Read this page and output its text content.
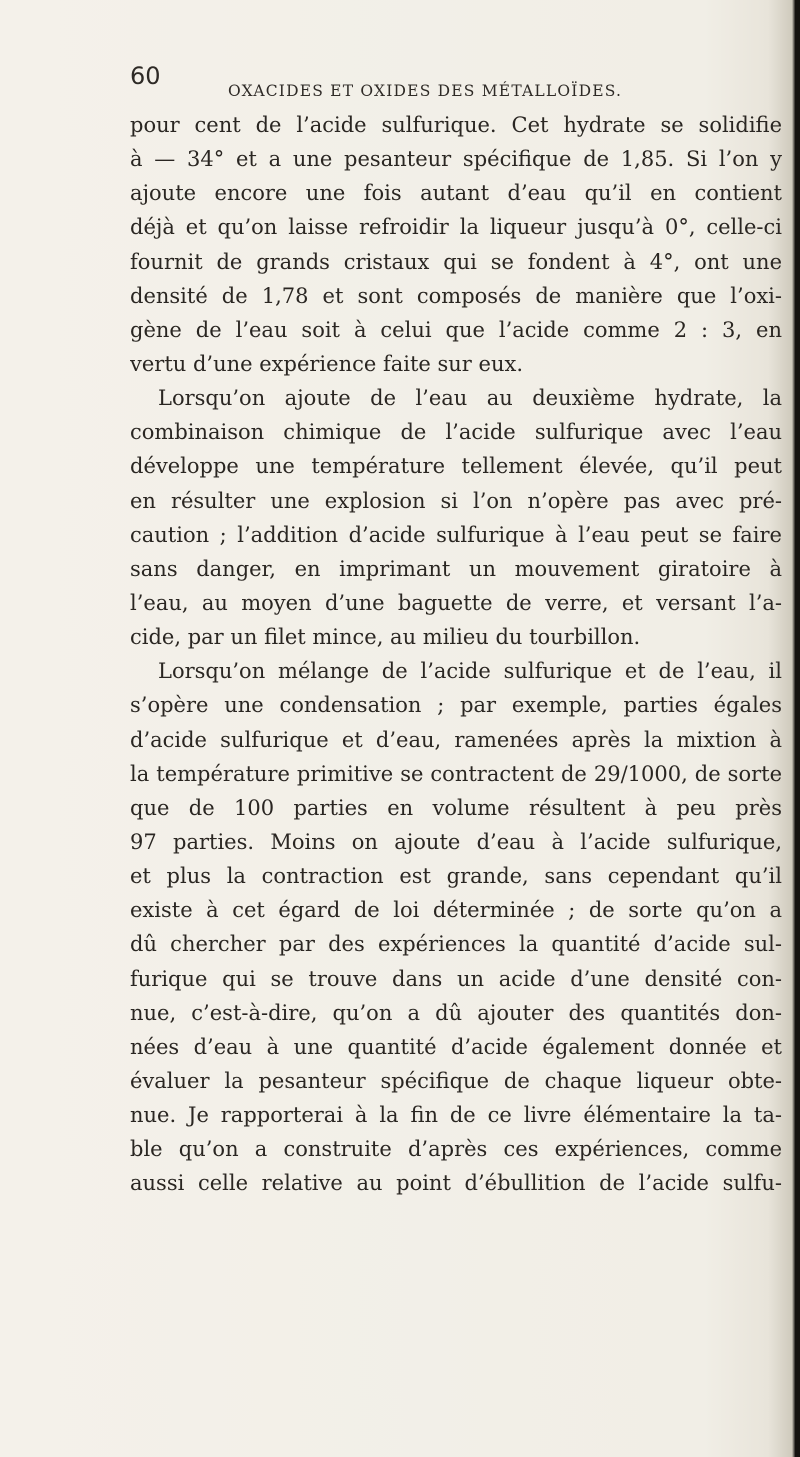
60
OXACIDES ET OXIDES DES MÉTALLOÏDES.
pour cent de l’acide sulfurique. Cet hydrate se solidifie
à — 34° et a une pesanteur spécifique de 1,85. Si l’on y
ajoute encore une fois autant d’eau qu’il en contient
déjà et qu’on laisse refroidir la liqueur jusqu’à 0°, celle-ci
fournit de grands cristaux qui se fondent à 4°, ont une
densité de 1,78 et sont composés de manière que l’oxi-
gène de l’eau soit à celui que l’acide comme 2 : 3, en
vertu d’une expérience faite sur eux.
Lorsqu’on ajoute de l’eau au deuxième hydrate, la
combinaison chimique de l’acide sulfurique avec l’eau
développe une température tellement élevée, qu’il peut
en résulter une explosion si l’on n’opère pas avec pré-
caution ; l’addition d’acide sulfurique à l’eau peut se faire
sans danger, en imprimant un mouvement giratoire à
l’eau, au moyen d’une baguette de verre, et versant l’a-
cide, par un filet mince, au milieu du tourbillon.
Lorsqu’on mélange de l’acide sulfurique et de l’eau, il
s’opère une condensation ; par exemple, parties égales
d’acide sulfurique et d’eau, ramenées après la mixtion à
la température primitive se contractent de 29/1000, de sorte
que de 100 parties en volume résultent à peu près
97 parties. Moins on ajoute d’eau à l’acide sulfurique,
et plus la contraction est grande, sans cependant qu’il
existe à cet égard de loi déterminée ; de sorte qu’on a
dû chercher par des expériences la quantité d’acide sul-
furique qui se trouve dans un acide d’une densité con-
nue, c’est-à-dire, qu’on a dû ajouter des quantités don-
nées d’eau à une quantité d’acide également donnée et
évaluer la pesanteur spécifique de chaque liqueur obte-
nue. Je rapporterai à la fin de ce livre élémentaire la ta-
ble qu’on a construite d’après ces expériences, comme
aussi celle relative au point d’ébullition de l’acide sulfu-
